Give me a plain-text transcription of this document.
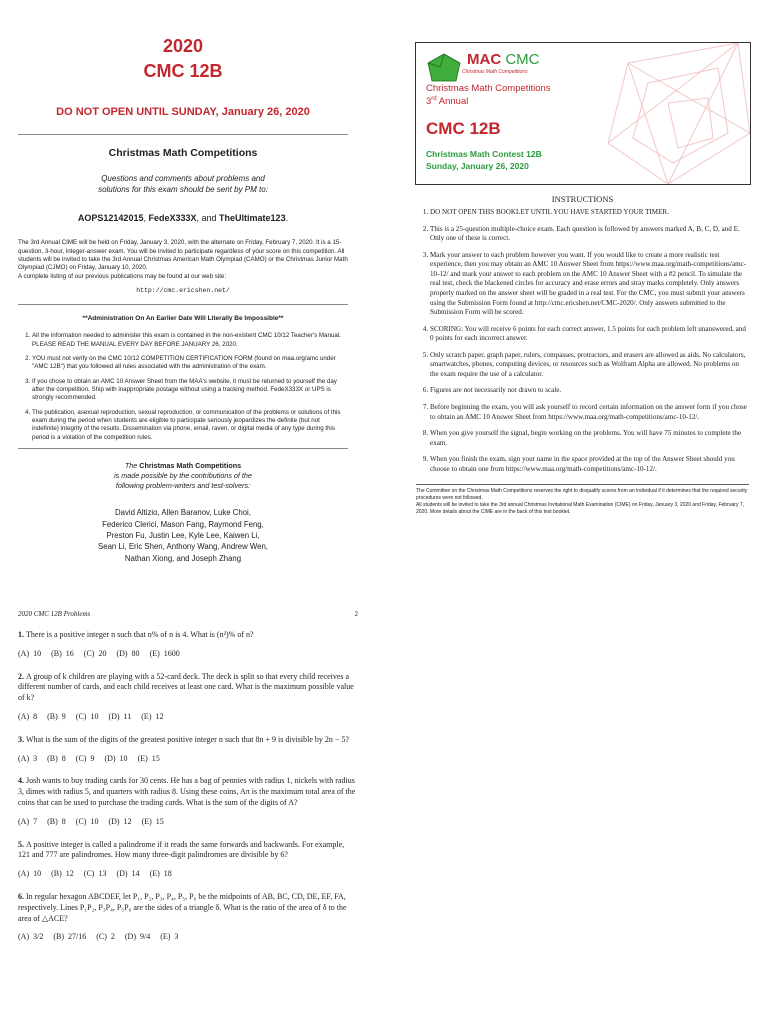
2020
CMC 12B
DO NOT OPEN UNTIL SUNDAY, January 26, 2020
Christmas Math Competitions
Questions and comments about problems and
solutions for this exam should be sent by PM to:
AOPS12142015, FedeX333X, and TheUltimate123.
The 3rd Annual CIME will be held on Friday, January 3, 2020, with the alternate on Friday, February 7, 2020. It is a 15-question, 3-hour, integer-answer exam. You will be invited to participate regardless of your score on this competition. All students will be invited to take the 3rd Annual Christmas American Math Olympiad (CAMO) or the Christmas Junior Math Olympiad (CJMO) on Friday, January 10, 2020.
A complete listing of our previous publications may be found at our web site:
http://cmc.ericshen.net/
**Administration On An Earlier Date Will Literally Be Impossible**
1. All the information needed to administer this exam is contained in the non-existent CMC 10/12 Teacher's Manual. PLEASE READ THE MANUAL EVERY DAY BEFORE JANUARY 26, 2020.
2. YOU must not verify on the CMC 10/12 COMPETITION CERTIFICATION FORM (found on maa.org/amc under "AMC 12B") that you followed all rules associated with the administration of the exam.
3. If you chose to obtain an AMC 10 Answer Sheet from the MAA's website, it must be returned to yourself the day after the competition. Ship with inappropriate postage without using a tracking method. FedeX333X or UPS is strongly recommended.
4. The publication, asexual reproduction, sexual reproduction, or communication of the problems or solutions of this exam during the period when students are eligible to participate seriously jeopardizes the definite (but not indefinite) integrity of the results. Dissemination via phone, email, raven, or digital media of any type during this period is a violation of the competition rules.
The Christmas Math Competitions
is made possible by the contributions of the
following problem-writers and test-solvers:
David Altizio, Allen Baranov, Luke Choi,
Federico Clerici, Mason Fang, Raymond Feng,
Preston Fu, Justin Lee, Kyle Lee, Kaiwen Li,
Sean Li, Eric Shen, Anthony Wang, Andrew Wen,
Nathan Xiong, and Joseph Zhang
MAC CMC
Christmas Math Competitions
Christmas Math Competitions
3rd Annual
CMC 12B
Christmas Math Contest 12B
Sunday, January 26, 2020
INSTRUCTIONS
1. DO NOT OPEN THIS BOOKLET UNTIL YOU HAVE STARTED YOUR TIMER.
2. This is a 25-question multiple-choice exam. Each question is followed by answers marked A, B, C, D, and E. Only one of these is correct.
3. Mark your answer to each problem however you want. If you would like to create a more realistic test experience, then you may obtain an AMC 10 Answer Sheet from https://www.maa.org/math-competitions/amc-10-12/ and mark your answer to each problem on the AMC 10 Answer Sheet with a #2 pencil. To simulate the real test, check the blackened circles for accuracy and erase errors and stray marks completely. Only answers properly marked on the answer sheet will be graded in a real test. For the CMC, you must submit your answers using the Submission Form found at http://cmc.ericshen.net/CMC-2020/. Only answers submitted to the Submission Form will be scored.
4. SCORING: You will receive 6 points for each correct answer, 1.5 points for each problem left unanswered, and 0 points for each incorrect answer.
5. Only scratch paper, graph paper, rulers, compasses, protractors, and erasers are allowed as aids. No calculators, smartwatches, phones, computing devices, or resources such as Wolfram Alpha are allowed. No problems on the exam require the use of a calculator.
6. Figures are not necessarily not drawn to scale.
7. Before beginning the exam, you will ask yourself to record certain information on the answer form if you chose to obtain an AMC 10 Answer Sheet from https://www.maa.org/math-competitions/amc-10-12/.
8. When you give yourself the signal, begin working on the problems. You will have 75 minutes to complete the exam.
9. When you finish the exam, sign your name in the space provided at the top of the Answer Sheet should you choose to obtain one from https://www.maa.org/math-competitions/amc-10-12/.
The Committee on the Christmas Math Competitions reserves the right to disqualify scores from an individual if it determines that the required security procedures were not followed.
All students will be invited to take the 3rd annual Christmas Invitational Math Examination (CIME) on Friday, January 3, 2020 and Friday, February 7, 2020. More details about the CIME are in the back of this test booklet.
2020 CMC 12B Problems	2
1. There is a positive integer n such that n% of n is 4. What is (n²)% of n?
(A) 10 (B) 16 (C) 20 (D) 80 (E) 1600
2. A group of k children are playing with a 52-card deck. The deck is split so that every child receives a different number of cards, and each child receives at least one card. What is the maximum possible value of k?
(A) 8 (B) 9 (C) 10 (D) 11 (E) 12
3. What is the sum of the digits of the greatest positive integer n such that 8n + 9 is divisible by 2n − 5?
(A) 3 (B) 8 (C) 9 (D) 10 (E) 15
4. Josh wants to buy trading cards for 30 cents. He has a bag of pennies with radius 1, nickels with radius 3, dimes with radius 5, and quarters with radius 8. Using these coins, Aπ is the maximum total area of the coins that can be used to purchase the trading cards. What is the sum of the digits of A?
(A) 7 (B) 8 (C) 10 (D) 12 (E) 15
5. A positive integer is called a palindrome if it reads the same forwards and backwards. For example, 121 and 777 are palindromes. How many three-digit palindromes are divisible by 6?
(A) 10 (B) 12 (C) 13 (D) 14 (E) 18
6. In regular hexagon ABCDEF, let P₁, P₂, P₃, P₄, P₅, P₆ be the midpoints of AB, BC, CD, DE, EF, FA, respectively. Lines P₁P₂, P₃P₄, P₅P₆ are the sides of a triangle δ. What is the ratio of the area of δ to the area of △ACE?
(A) 3/2 (B) 27/16 (C) 2 (D) 9/4 (E) 3
